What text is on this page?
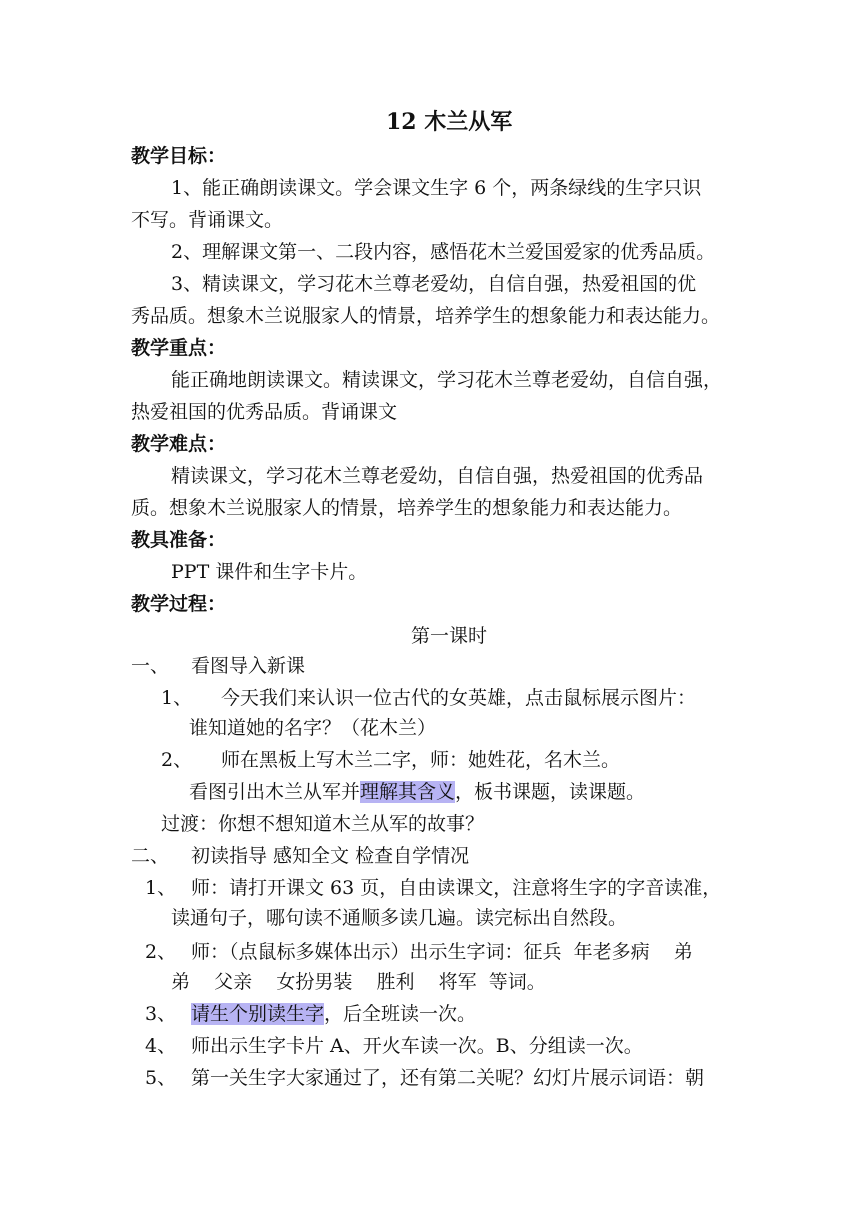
12 木兰从军
教学目标：
1、能正确朗读课文。学会课文生字 6 个，两条绿线的生字只识
不写。背诵课文。
2、理解课文第一、二段内容，感悟花木兰爱国爱家的优秀品质。
3、精读课文，学习花木兰尊老爱幼，自信自强，热爱祖国的优
秀品质。想象木兰说服家人的情景，培养学生的想象能力和表达能力。
教学重点：
能正确地朗读课文。精读课文，学习花木兰尊老爱幼，自信自强，
热爱祖国的优秀品质。背诵课文
教学难点：
精读课文，学习花木兰尊老爱幼，自信自强，热爱祖国的优秀品
质。想象木兰说服家人的情景，培养学生的想象能力和表达能力。
教具准备：
PPT 课件和生字卡片。
教学过程：
第一课时
一、 看图导入新课
1、 今天我们来认识一位古代的女英雄，点击鼠标展示图片：
谁知道她的名字？（花木兰）
2、 师在黑板上写木兰二字，师：她姓花，名木兰。
看图引出木兰从军并理解其含义，板书课题，读课题。
过渡：你想不想知道木兰从军的故事？
二、 初读指导 感知全文 检查自学情况
1、 师：请打开课文 63 页，自由读课文，注意将生字的字音读准，
读通句子，哪句读不通顺多读几遍。读完标出自然段。
2、 师：（点鼠标多媒体出示）出示生字词：征兵  年老多病    弟
弟    父亲    女扮男装    胜利    将军  等词。
3、 请生个别读生字，后全班读一次。
4、 师出示生字卡片 A、开火车读一次。B、分组读一次。
5、 第一关生字大家通过了，还有第二关呢？幻灯片展示词语：朝
